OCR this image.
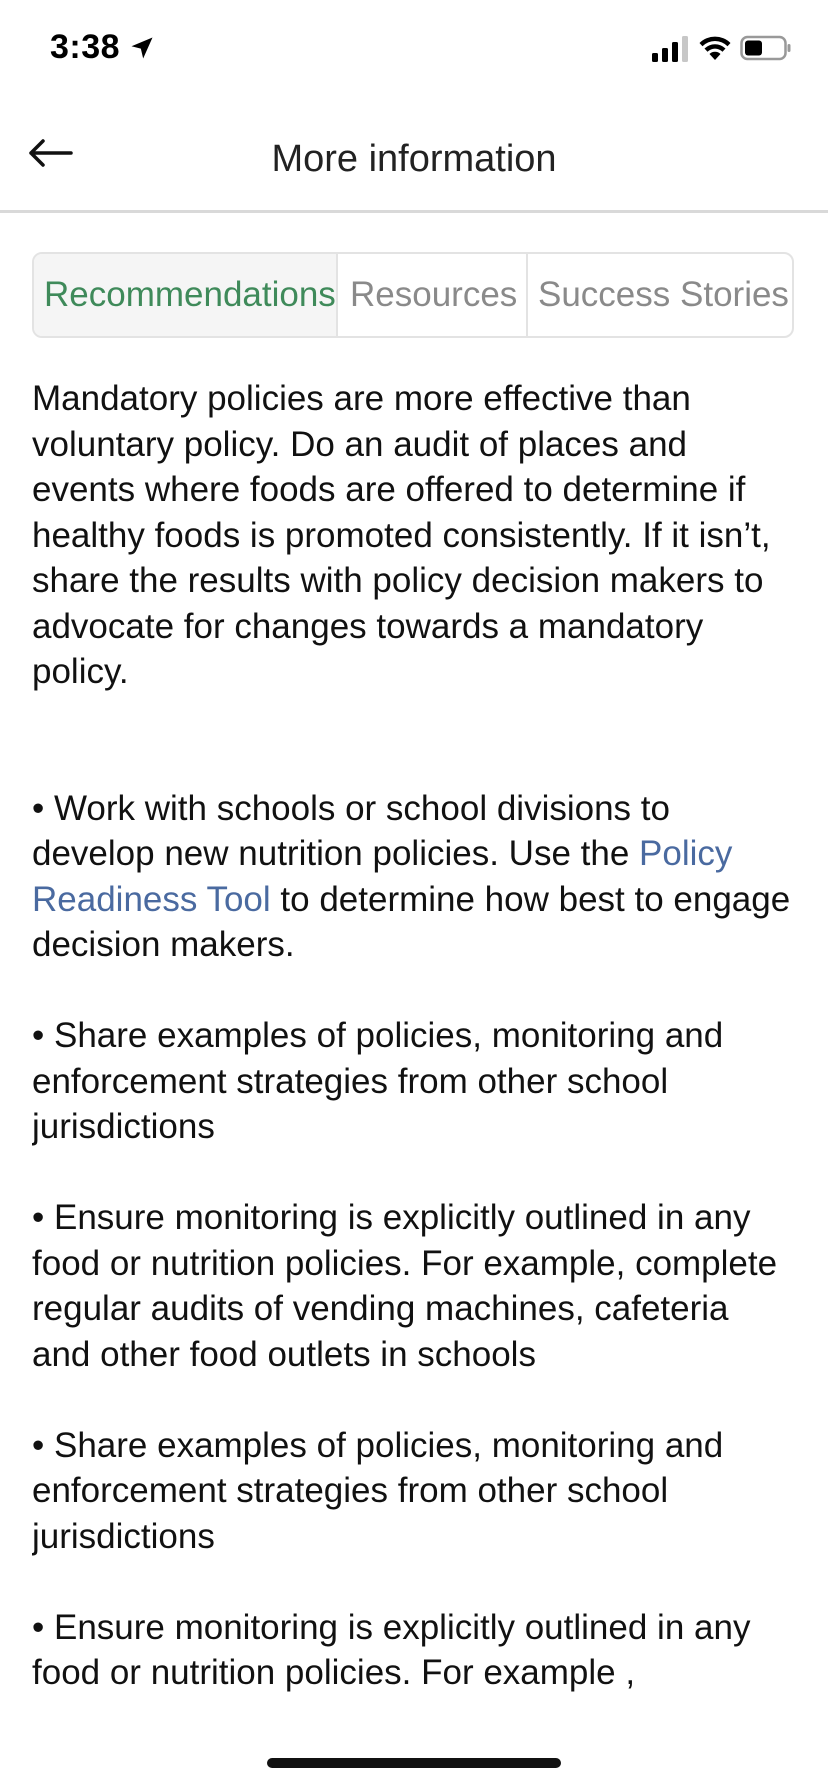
3:38
More information
Recommendations Resources Success Stories

Mandatory policies are more effective than voluntary policy. Do an audit of places and events where foods are offered to determine if healthy foods is promoted consistently. If it isn’t, share the results with policy decision makers to advocate for changes towards a mandatory policy.

• Work with schools or school divisions to develop new nutrition policies. Use the Policy Readiness Tool to determine how best to engage decision makers.
• Share examples of policies, monitoring and enforcement strategies from other school jurisdictions
• Ensure monitoring is explicitly outlined in any food or nutrition policies. For example, complete regular audits of vending machines, cafeteria and other food outlets in schools
• Share examples of policies, monitoring and enforcement strategies from other school jurisdictions
• Ensure monitoring is explicitly outlined in any food or nutrition policies. For example ,
